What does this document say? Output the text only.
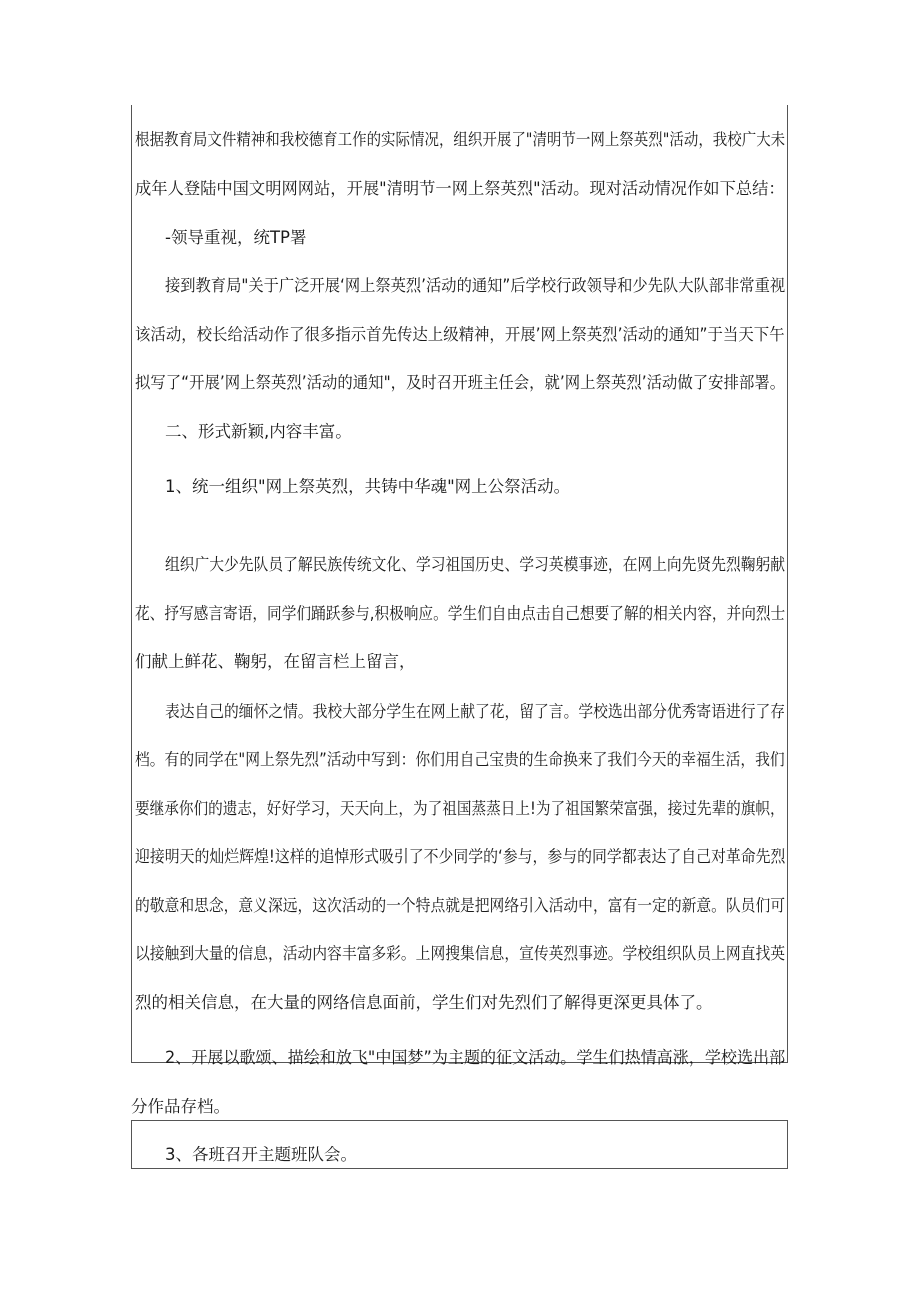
根据教育局文件精神和我校德育工作的实际情况，组织开展了"清明节一网上祭英烈"活动，我校广大未
成年人登陆中国文明网网站，开展"清明节一网上祭英烈"活动。现对活动情况作如下总结：
-领导重视，统TP署
接到教育局"关于广泛开展‘网上祭英烈’活动的通知”后学校行政领导和少先队大队部非常重视
该活动，校长给活动作了很多指示首先传达上级精神，开展’网上祭英烈’活动的通知”于当天下午
拟写了“开展’网上祭英烈’活动的通知"，及时召开班主任会，就’网上祭英烈’活动做了安排部署。
二、形式新颖,内容丰富。
1、统一组织"网上祭英烈，共铸中华魂"网上公祭活动。
组织广大少先队员了解民族传统文化、学习祖国历史、学习英模事迹，在网上向先贤先烈鞠躬献
花、抒写感言寄语，同学们踊跃参与,积极响应。学生们自由点击自己想要了解的相关内容，并向烈士
们献上鲜花、鞠躬，在留言栏上留言，
表达自己的缅怀之情。我校大部分学生在网上献了花，留了言。学校选出部分优秀寄语进行了存
档。有的同学在"网上祭先烈”活动中写到：你们用自己宝贵的生命换来了我们今天的幸福生活，我们
要继承你们的遗志，好好学习，天天向上，为了祖国蒸蒸日上!为了祖国繁荣富强，接过先辈的旗帜，
迎接明天的灿烂辉煌!这样的追悼形式吸引了不少同学的‘参与，参与的同学都表达了自己对革命先烈
的敬意和思念，意义深远，这次活动的一个特点就是把网络引入活动中，富有一定的新意。队员们可
以接触到大量的信息，活动内容丰富多彩。上网搜集信息，宣传英烈事迹。学校组织队员上网直找英
烈的相关信息，在大量的网络信息面前，学生们对先烈们了解得更深更具体了。
2、开展以歌颂、描绘和放飞"中国梦”为主题的征文活动。学生们热情高涨，学校选出部
分作品存档。
3、各班召开主题班队会。
